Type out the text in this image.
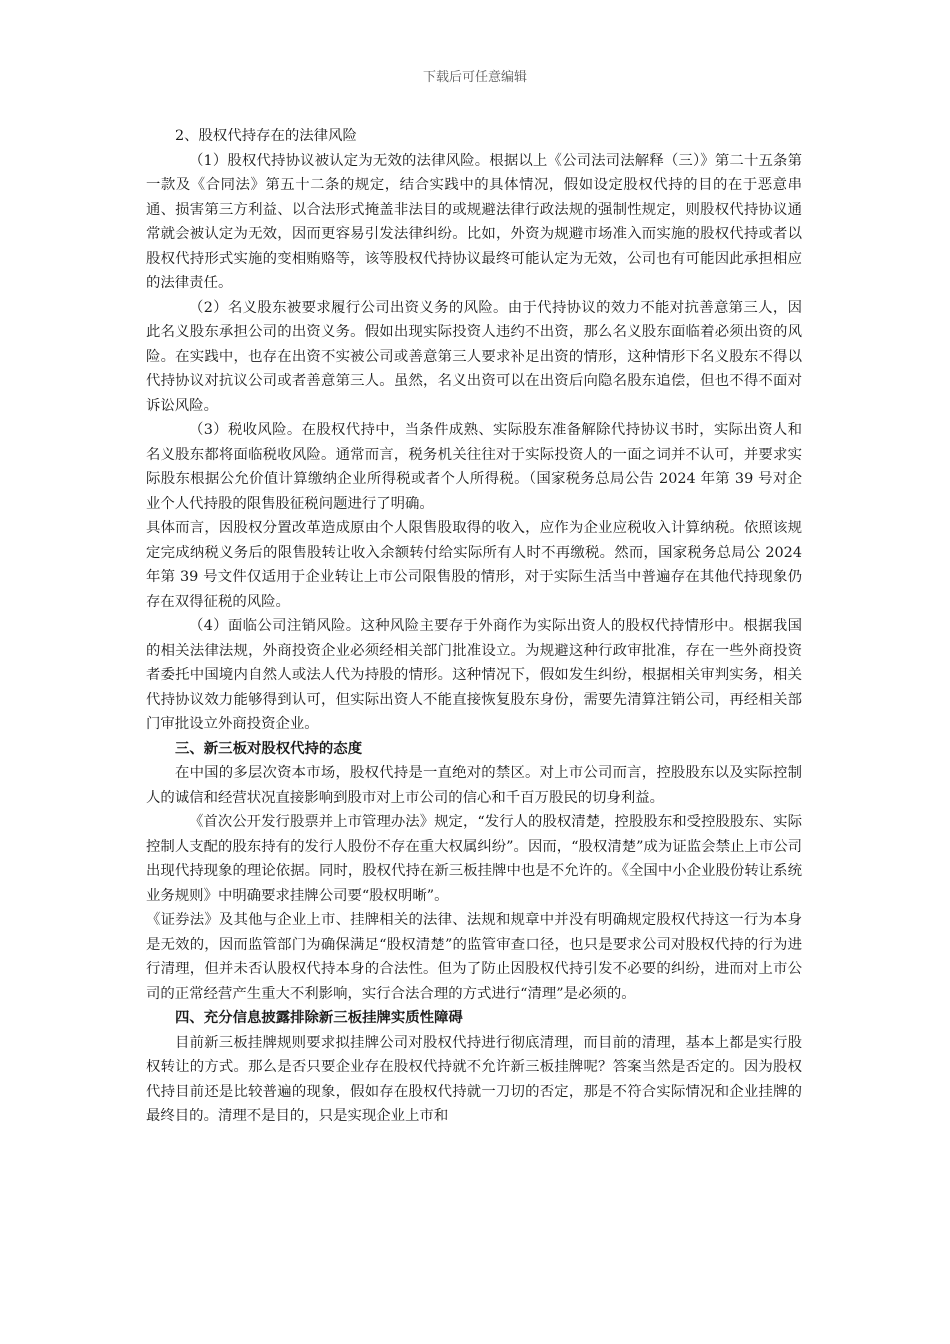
下载后可任意编辑

2、股权代持存在的法律风险

（1）股权代持协议被认定为无效的法律风险。根据以上《公司法司法解释（三）》第二十五条第一款及《合同法》第五十二条的规定，结合实践中的具体情况，假如设定股权代持的目的在于恶意串通、损害第三方利益、以合法形式掩盖非法目的或规避法律行政法规的强制性规定，则股权代持协议通常就会被认定为无效，因而更容易引发法律纠纷。比如，外资为规避市场准入而实施的股权代持或者以股权代持形式实施的变相贿赂等，该等股权代持协议最终可能认定为无效，公司也有可能因此承担相应的法律责任。

（2）名义股东被要求履行公司出资义务的风险。由于代持协议的效力不能对抗善意第三人，因此名义股东承担公司的出资义务。假如出现实际投资人违约不出资，那么名义股东面临着必须出资的风险。在实践中，也存在出资不实被公司或善意第三人要求补足出资的情形，这种情形下名义股东不得以代持协议对抗议公司或者善意第三人。虽然，名义出资可以在出资后向隐名股东追偿，但也不得不面对诉讼风险。

（3）税收风险。在股权代持中，当条件成熟、实际股东准备解除代持协议书时，实际出资人和名义股东都将面临税收风险。通常而言，税务机关往往对于实际投资人的一面之词并不认可，并要求实际股东根据公允价值计算缴纳企业所得税或者个人所得税。（国家税务总局公告 2024 年第 39 号对企业个人代持股的限售股征税问题进行了明确。

具体而言，因股权分置改革造成原由个人限售股取得的收入，应作为企业应税收入计算纳税。依照该规定完成纳税义务后的限售股转让收入余额转付给实际所有人时不再缴税。然而，国家税务总局公 2024 年第 39 号文件仅适用于企业转让上市公司限售股的情形，对于实际生活当中普遍存在其他代持现象仍存在双得征税的风险。

（4）面临公司注销风险。这种风险主要存于外商作为实际出资人的股权代持情形中。根据我国的相关法律法规，外商投资企业必须经相关部门批准设立。为规避这种行政审批准，存在一些外商投资者委托中国境内自然人或法人代为持股的情形。这种情况下，假如发生纠纷，根据相关审判实务，相关代持协议效力能够得到认可，但实际出资人不能直接恢复股东身份，需要先清算注销公司，再经相关部门审批设立外商投资企业。

三、新三板对股权代持的态度

在中国的多层次资本市场，股权代持是一直绝对的禁区。对上市公司而言，控股股东以及实际控制人的诚信和经营状况直接影响到股市对上市公司的信心和千百万股民的切身利益。

《首次公开发行股票并上市管理办法》规定，“发行人的股权清楚，控股股东和受控股股东、实际控制人支配的股东持有的发行人股份不存在重大权属纠纷”。因而，“股权清楚”成为证监会禁止上市公司出现代持现象的理论依据。同时，股权代持在新三板挂牌中也是不允许的。《全国中小企业股份转让系统业务规则》中明确要求挂牌公司要“股权明晰”。

《证券法》及其他与企业上市、挂牌相关的法律、法规和规章中并没有明确规定股权代持这一行为本身是无效的，因而监管部门为确保满足“股权清楚”的监管审查口径，也只是要求公司对股权代持的行为进行清理，但并未否认股权代持本身的合法性。但为了防止因股权代持引发不必要的纠纷，进而对上市公司的正常经营产生重大不利影响，实行合法合理的方式进行“清理”是必须的。

四、充分信息披露排除新三板挂牌实质性障碍

目前新三板挂牌规则要求拟挂牌公司对股权代持进行彻底清理，而目前的清理，基本上都是实行股权转让的方式。那么是否只要企业存在股权代持就不允许新三板挂牌呢？答案当然是否定的。因为股权代持目前还是比较普遍的现象，假如存在股权代持就一刀切的否定，那是不符合实际情况和企业挂牌的最终目的。清理不是目的，只是实现企业上市和
